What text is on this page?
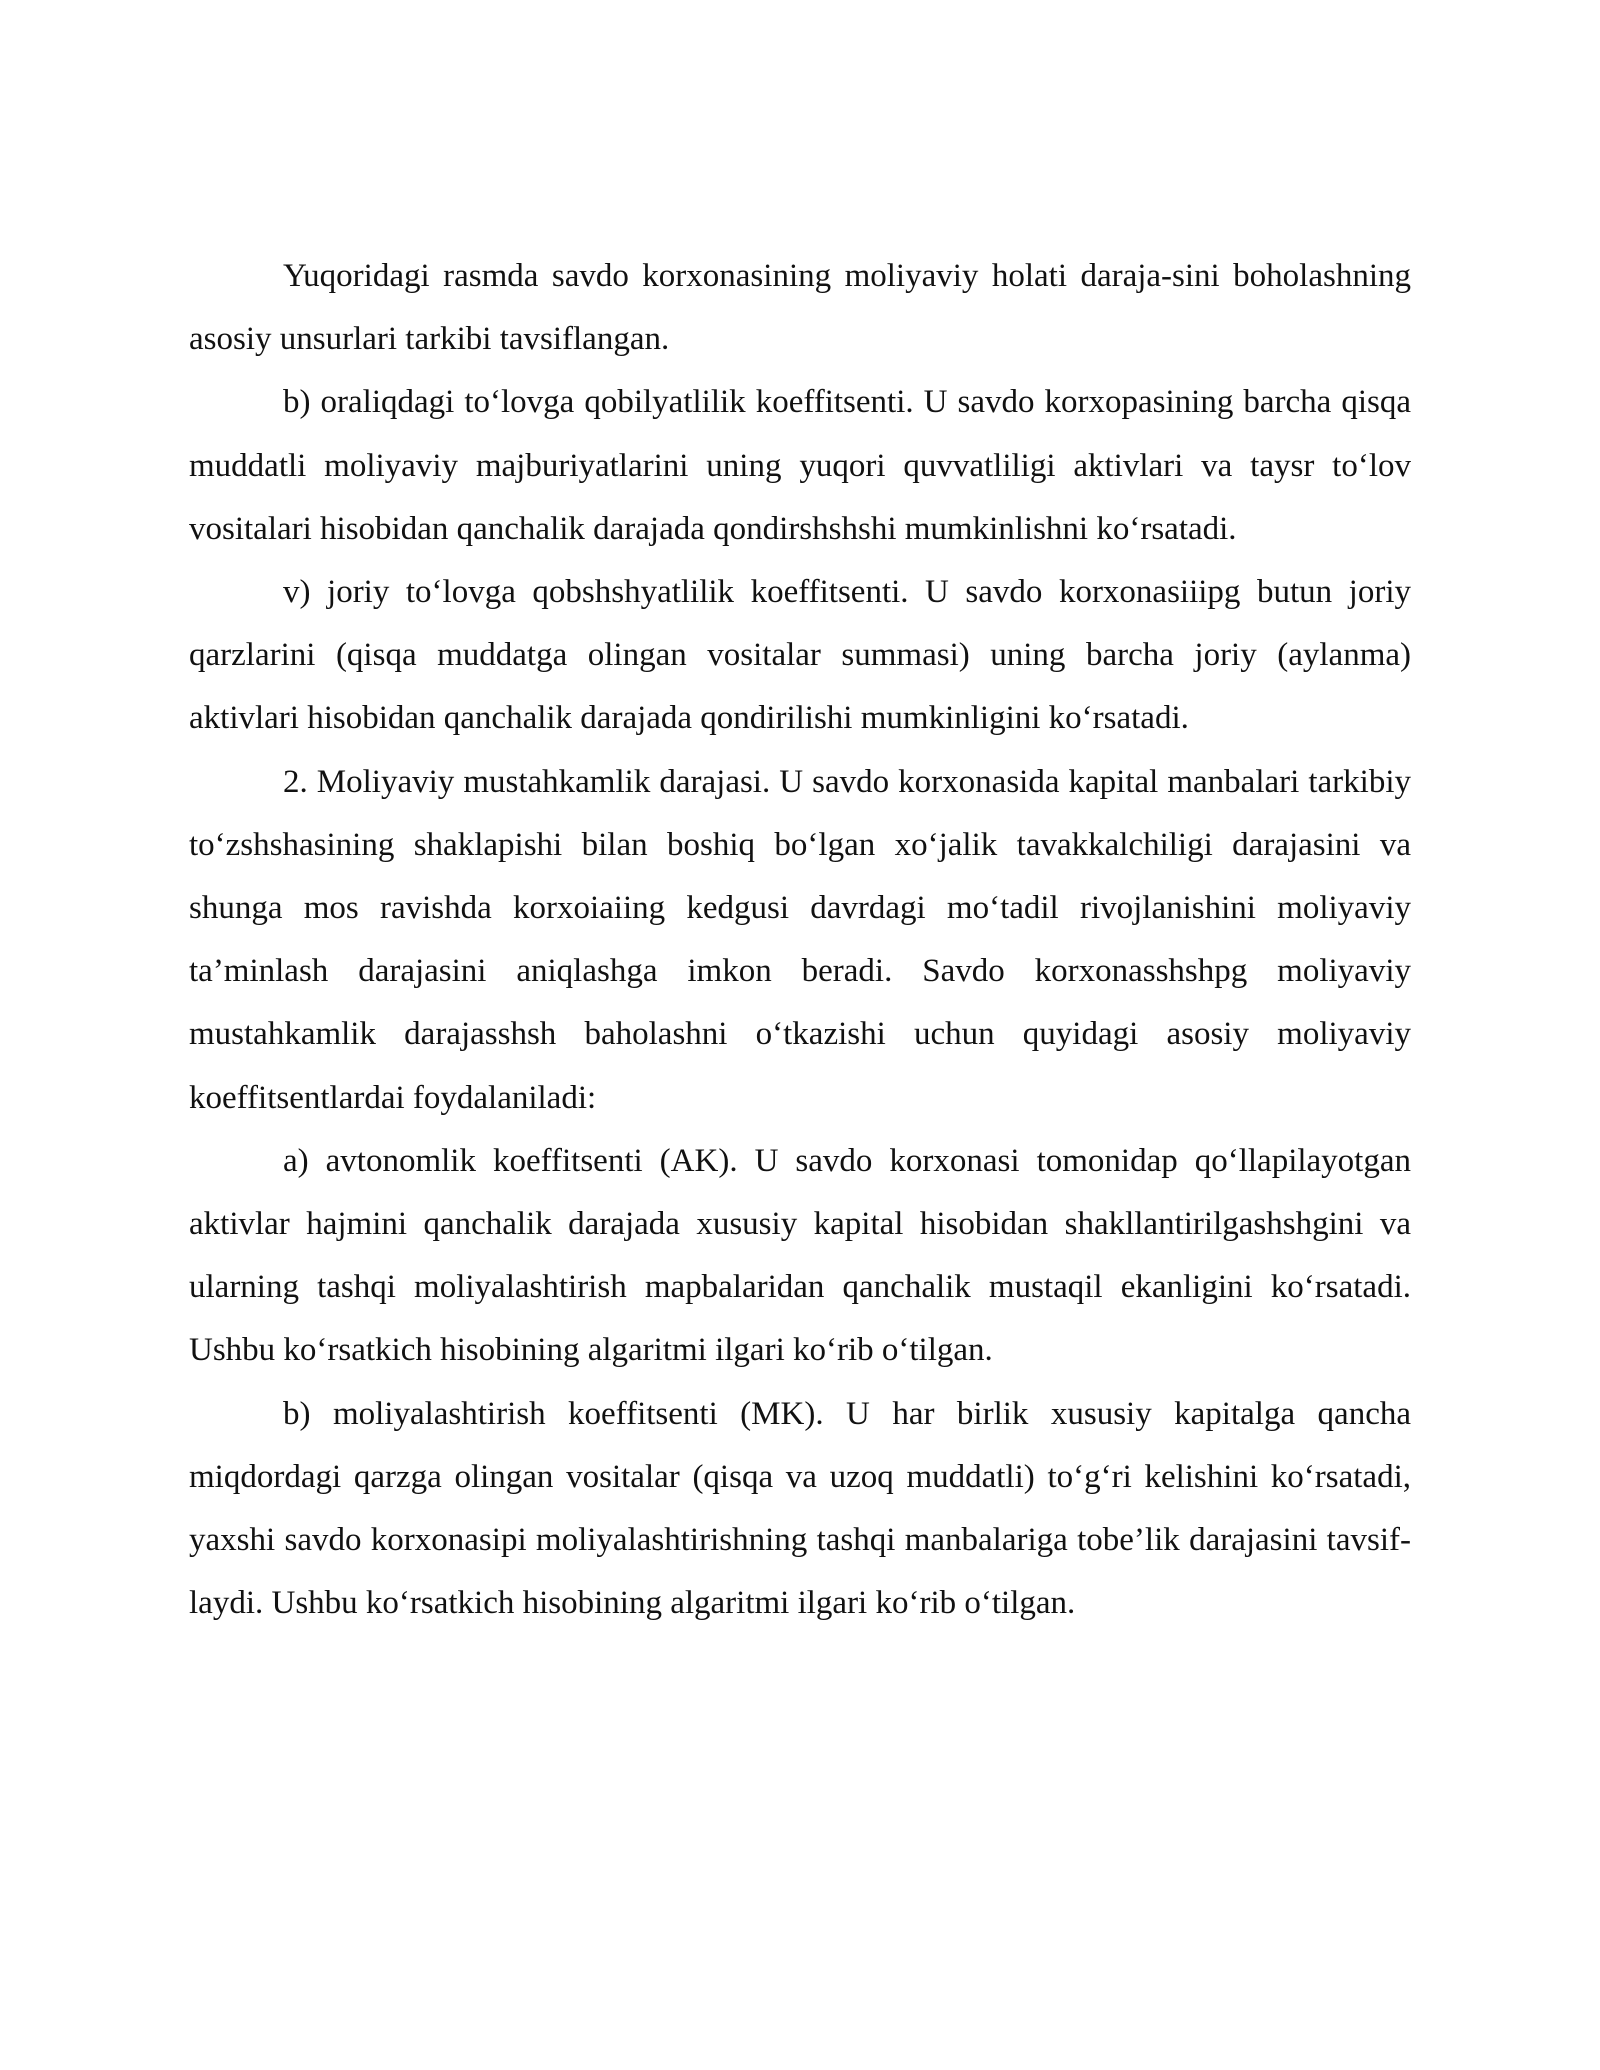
Yuqoridagi rasmda savdo korxonasining moliyaviy holati daraja-sini boholashning asosiy unsurlari tarkibi tavsiflangan.

b) oraliqdagi to‘lovga qobilyatlilik koeffitsenti. U savdo korxopasining barcha qisqa muddatli moliyaviy majburiyatlarini uning yuqori quvvatliligi aktivlari va taysr to‘lov vositalari hisobidan qanchalik darajada qondirshshshi mumkinlishni ko‘rsatadi.

v) joriy to‘lovga qobshshyatlilik koeffitsenti. U savdo korxonasiiipg butun joriy qarzlarini (qisqa muddatga olingan vositalar summasi) uning barcha joriy (aylanma) aktivlari hisobidan qanchalik darajada qondirilishi mumkinligini ko‘rsatadi.

2. Moliyaviy mustahkamlik darajasi. U savdo korxonasida kapital manbalari tarkibiy to‘zshshasining shaklapishi bilan boshiq bo‘lgan xo‘jalik tavakkalchiligi darajasini va shunga mos ravishda korxoiaiing kedgusi davrdagi mo‘tadil rivojlanishini moliyaviy ta’minlash darajasini aniqlashga imkon beradi. Savdo korxonasshshpg moliyaviy mustahkamlik darajasshsh baholashni o‘tkazishi uchun quyidagi asosiy moliyaviy koeffitsentlardai foydalaniladi:

a) avtonomlik koeffitsenti (AK). U savdo korxonasi tomonidap qo‘llapilayotgan aktivlar hajmini qanchalik darajada xususiy kapital hisobidan shakllantirilgashshgini va ularning tashqi moliyalashtirish mapbalaridan qanchalik mustaqil ekanligini ko‘rsatadi. Ushbu ko‘rsatkich hisobining algaritmi ilgari ko‘rib o‘tilgan.

b) moliyalashtirish koeffitsenti (MK). U har birlik xususiy kapitalga qancha miqdordagi qarzga olingan vositalar (qisqa va uzoq muddatli) to‘g‘ri kelishini ko‘rsatadi, yaxshi savdo korxonasipi moliyalashtirishning tashqi manbalariga tobe’lik darajasini tavsif-laydi. Ushbu ko‘rsatkich hisobining algaritmi ilgari ko‘rib o‘tilgan.
